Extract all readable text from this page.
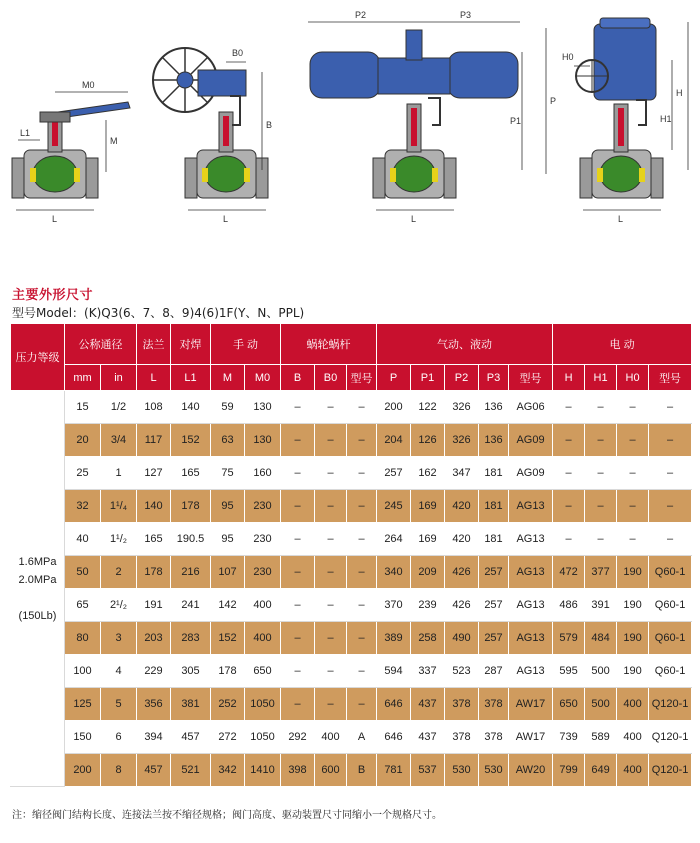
M0
M
L1
L
B0
B
L
P2	P3
P
P1
L
H0
H
H1
L
主要外形尺寸
型号Model：(K)Q3(6、7、8、9)4(6)1F(Y、N、PPL)
压力等级	公称通径		法兰	对焊	手 动		蜗轮蜗杆			气动、液动					电 动			
	mm	in	L	L1	M	M0	B	B0	型号	P	P1	P2	P3	型号	H	H1	H0	型号

1.6MPa
2.0MPa

(150Lb)	15	1/2	108	140	59	130	–	–	–	200	122	326	136	AG06	–	–	–	–
	20	3/4	117	152	63	130	–	–	–	204	126	326	136	AG09	–	–	–	–
	25	1	127	165	75	160	–	–	–	257	162	347	181	AG09	–	–	–	–
	32	1¹/₄	140	178	95	230	–	–	–	245	169	420	181	AG13	–	–	–	–
	40	1¹/₂	165	190.5	95	230	–	–	–	264	169	420	181	AG13	–	–	–	–
	50	2	178	216	107	230	–	–	–	340	209	426	257	AG13	472	377	190	Q60-1
	65	2¹/₂	191	241	142	400	–	–	–	370	239	426	257	AG13	486	391	190	Q60-1
	80	3	203	283	152	400	–	–	–	389	258	490	257	AG13	579	484	190	Q60-1
	100	4	229	305	178	650	–	–	–	594	337	523	287	AG13	595	500	190	Q60-1
	125	5	356	381	252	1050	–	–	–	646	437	378	378	AW17	650	500	400	Q120-1
	150	6	394	457	272	1050	292	400	A	646	437	378	378	AW17	739	589	400	Q120-1
	200	8	457	521	342	1410	398	600	B	781	537	530	530	AW20	799	649	400	Q120-1
注：缩径阀门结构长度、连接法兰按不缩径规格；阀门高度、驱动装置尺寸同缩小一个规格尺寸。
